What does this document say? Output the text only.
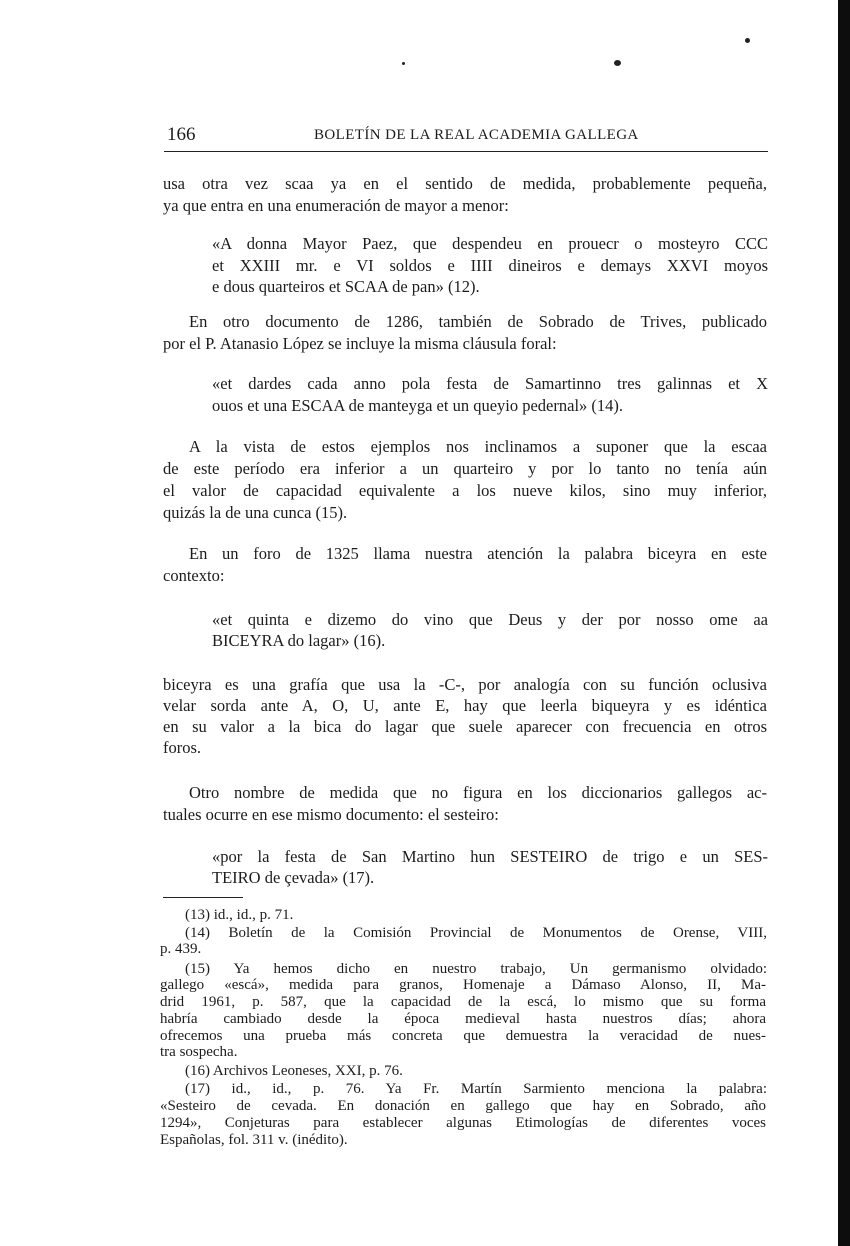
166	BOLETÍN DE LA REAL ACADEMIA GALLEGA
usa otra vez scaa ya en el sentido de medida, probablemente pequeña,
ya que entra en una enumeración de mayor a menor:
«A donna Mayor Paez, que despendeu en prouecr o mosteyro CCC
et XXIII mr. e VI soldos e IIII dineiros e demays XXVI moyos
e dous quarteiros et SCAA de pan» (12).
En otro documento de 1286, también de Sobrado de Trives, publicado
por el P. Atanasio López se incluye la misma cláusula foral:
«et dardes cada anno pola festa de Samartinno tres galinnas et X
ouos et una ESCAA de manteyga et un queyio pedernal» (14).
A la vista de estos ejemplos nos inclinamos a suponer que la escaa
de este período era inferior a un quarteiro y por lo tanto no tenía aún
el valor de capacidad equivalente a los nueve kilos, sino muy inferior,
quizás la de una cunca (15).
En un foro de 1325 llama nuestra atención la palabra biceyra en este
contexto:
«et quinta e dizemo do vino que Deus y der por nosso ome aa
BICEYRA do lagar» (16).
biceyra es una grafía que usa la -C-, por analogía con su función oclusiva
velar sorda ante A, O, U, ante E, hay que leerla biqueyra y es idéntica
en su valor a la bica do lagar que suele aparecer con frecuencia en otros
foros.
Otro nombre de medida que no figura en los diccionarios gallegos ac-
tuales ocurre en ese mismo documento: el sesteiro:
«por la festa de San Martino hun SESTEIRO de trigo e un SES-
TEIRO de çevada» (17).
(13) id., id., p. 71.
(14) Boletín de la Comisión Provincial de Monumentos de Orense, VIII,
p. 439.
(15) Ya hemos dicho en nuestro trabajo, Un germanismo olvidado:
gallego «escá», medida para granos, Homenaje a Dámaso Alonso, II, Ma-
drid 1961, p. 587, que la capacidad de la escá, lo mismo que su forma
habría cambiado desde la época medieval hasta nuestros días; ahora
ofrecemos una prueba más concreta que demuestra la veracidad de nues-
tra sospecha.
(16) Archivos Leoneses, XXI, p. 76.
(17) id., id., p. 76. Ya Fr. Martín Sarmiento menciona la palabra:
«Sesteiro de cevada. En donación en gallego que hay en Sobrado, año
1294», Conjeturas para establecer algunas Etimologías de diferentes voces
Españolas, fol. 311 v. (inédito).
